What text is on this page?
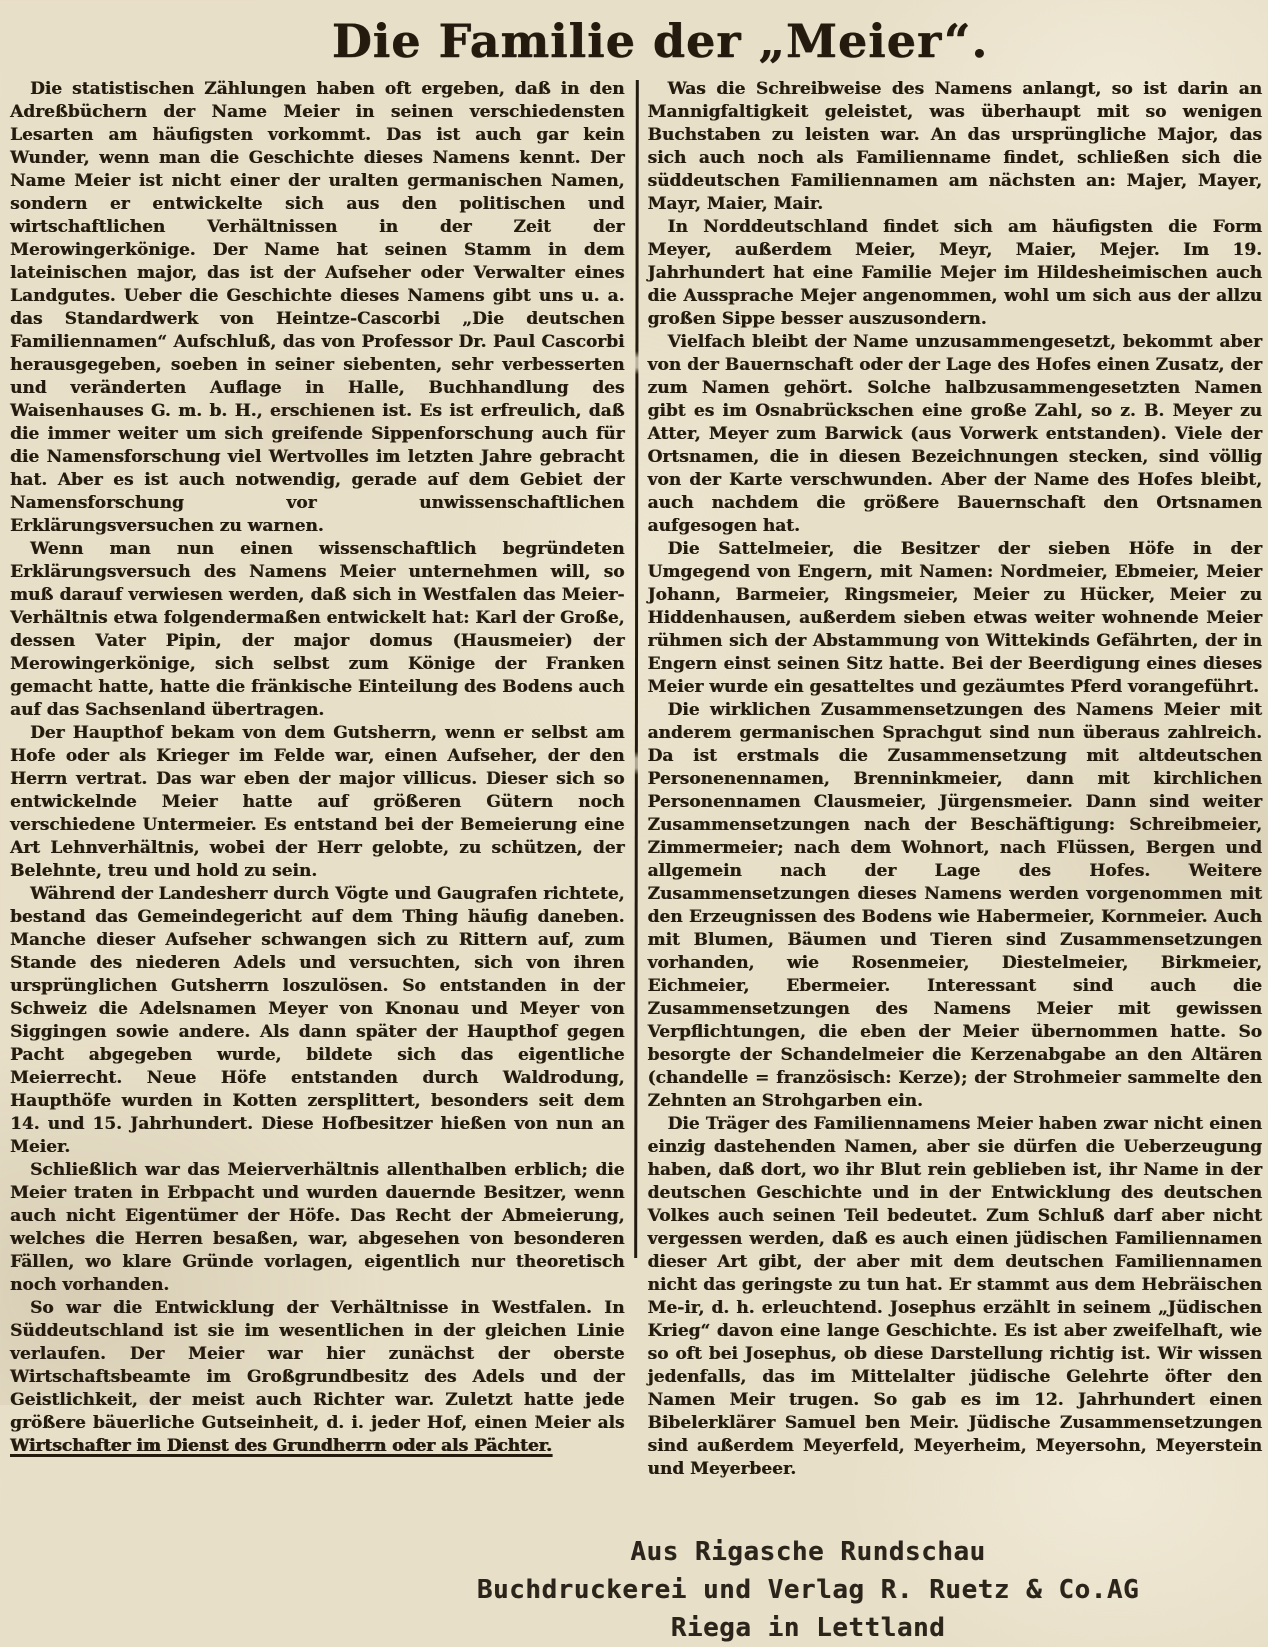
Die Familie der „Meier“.

Die statistischen Zählungen haben oft ergeben, daß in den Adreßbüchern der Name Meier in seinen verschiedensten Lesarten am häufigsten vorkommt. Das ist auch gar kein Wunder, wenn man die Geschichte dieses Namens kennt. Der Name Meier ist nicht einer der uralten germanischen Namen, sondern er entwickelte sich aus den politischen und wirtschaftlichen Verhältnissen in der Zeit der Merowingerkönige. Der Name hat seinen Stamm in dem lateinischen major, das ist der Aufseher oder Verwalter eines Landgutes. Ueber die Geschichte dieses Namens gibt uns u. a. das Standardwerk von Heintze-Cascorbi „Die deutschen Familiennamen“ Aufschluß, das von Professor Dr. Paul Cascorbi herausgegeben, soeben in seiner siebenten, sehr verbesserten und veränderten Auflage in Halle, Buchhandlung des Waisenhauses G. m. b. H., erschienen ist. Es ist erfreulich, daß die immer weiter um sich greifende Sippenforschung auch für die Namensforschung viel Wertvolles im letzten Jahre gebracht hat. Aber es ist auch notwendig, gerade auf dem Gebiet der Namensforschung vor unwissenschaftlichen Erklärungsversuchen zu warnen.

Wenn man nun einen wissenschaftlich begründeten Erklärungsversuch des Namens Meier unternehmen will, so muß darauf verwiesen werden, daß sich in Westfalen das Meier-Verhältnis etwa folgendermaßen entwickelt hat: Karl der Große, dessen Vater Pipin, der major domus (Hausmeier) der Merowingerkönige, sich selbst zum Könige der Franken gemacht hatte, hatte die fränkische Einteilung des Bodens auch auf das Sachsenland übertragen.

Der Haupthof bekam von dem Gutsherrn, wenn er selbst am Hofe oder als Krieger im Felde war, einen Aufseher, der den Herrn vertrat. Das war eben der major villicus. Dieser sich so entwickelnde Meier hatte auf größeren Gütern noch verschiedene Untermeier. Es entstand bei der Bemeierung eine Art Lehnverhältnis, wobei der Herr gelobte, zu schützen, der Belehnte, treu und hold zu sein.

Während der Landesherr durch Vögte und Gaugrafen richtete, bestand das Gemeindegericht auf dem Thing häufig daneben. Manche dieser Aufseher schwangen sich zu Rittern auf, zum Stande des niederen Adels und versuchten, sich von ihren ursprünglichen Gutsherrn loszulösen. So entstanden in der Schweiz die Adelsnamen Meyer von Knonau und Meyer von Siggingen sowie andere. Als dann später der Haupthof gegen Pacht abgegeben wurde, bildete sich das eigentliche Meierrecht. Neue Höfe entstanden durch Waldrodung, Haupthöfe wurden in Kotten zersplittert, besonders seit dem 14. und 15. Jahrhundert. Diese Hofbesitzer hießen von nun an Meier.

Schließlich war das Meierverhältnis allenthalben erblich; die Meier traten in Erbpacht und wurden dauernde Besitzer, wenn auch nicht Eigentümer der Höfe. Das Recht der Abmeierung, welches die Herren besaßen, war, abgesehen von besonderen Fällen, wo klare Gründe vorlagen, eigentlich nur theoretisch noch vorhanden.

So war die Entwicklung der Verhältnisse in Westfalen. In Süddeutschland ist sie im wesentlichen in der gleichen Linie verlaufen. Der Meier war hier zunächst der oberste Wirtschaftsbeamte im Großgrundbesitz des Adels und der Geistlichkeit, der meist auch Richter war. Zuletzt hatte jede größere bäuerliche Gutseinheit, d. i. jeder Hof, einen Meier als Wirtschafter im Dienst des Grundherrn oder als Pächter.

Was die Schreibweise des Namens anlangt, so ist darin an Mannigfaltigkeit geleistet, was überhaupt mit so wenigen Buchstaben zu leisten war. An das ursprüngliche Major, das sich auch noch als Familienname findet, schließen sich die süddeutschen Familiennamen am nächsten an: Majer, Mayer, Mayr, Maier, Mair.

In Norddeutschland findet sich am häufigsten die Form Meyer, außerdem Meier, Meyr, Maier, Mejer. Im 19. Jahrhundert hat eine Familie Mejer im Hildesheimischen auch die Aussprache Mejer angenommen, wohl um sich aus der allzu großen Sippe besser auszusondern.

Vielfach bleibt der Name unzusammengesetzt, bekommt aber von der Bauernschaft oder der Lage des Hofes einen Zusatz, der zum Namen gehört. Solche halbzusammengesetzten Namen gibt es im Osnabrückschen eine große Zahl, so z. B. Meyer zu Atter, Meyer zum Barwick (aus Vorwerk entstanden). Viele der Ortsnamen, die in diesen Bezeichnungen stecken, sind völlig von der Karte verschwunden. Aber der Name des Hofes bleibt, auch nachdem die größere Bauernschaft den Ortsnamen aufgesogen hat.

Die Sattelmeier, die Besitzer der sieben Höfe in der Umgegend von Engern, mit Namen: Nordmeier, Ebmeier, Meier Johann, Barmeier, Ringsmeier, Meier zu Hücker, Meier zu Hiddenhausen, außerdem sieben etwas weiter wohnende Meier rühmen sich der Abstammung von Wittekinds Gefährten, der in Engern einst seinen Sitz hatte. Bei der Beerdigung eines dieses Meier wurde ein gesatteltes und gezäumtes Pferd vorangeführt.

Die wirklichen Zusammensetzungen des Namens Meier mit anderem germanischen Sprachgut sind nun überaus zahlreich. Da ist erstmals die Zusammensetzung mit altdeutschen Personenennamen, Brenninkmeier, dann mit kirchlichen Personennamen Clausmeier, Jürgensmeier. Dann sind weiter Zusammensetzungen nach der Beschäftigung: Schreibmeier, Zimmermeier; nach dem Wohnort, nach Flüssen, Bergen und allgemein nach der Lage des Hofes. Weitere Zusammensetzungen dieses Namens werden vorgenommen mit den Erzeugnissen des Bodens wie Habermeier, Kornmeier. Auch mit Blumen, Bäumen und Tieren sind Zusammensetzungen vorhanden, wie Rosenmeier, Diestelmeier, Birkmeier, Eichmeier, Ebermeier. Interessant sind auch die Zusammensetzungen des Namens Meier mit gewissen Verpflichtungen, die eben der Meier übernommen hatte. So besorgte der Schandelmeier die Kerzenabgabe an den Altären (chandelle = französisch: Kerze); der Strohmeier sammelte den Zehnten an Strohgarben ein.

Die Träger des Familiennamens Meier haben zwar nicht einen einzig dastehenden Namen, aber sie dürfen die Ueberzeugung haben, daß dort, wo ihr Blut rein geblieben ist, ihr Name in der deutschen Geschichte und in der Entwicklung des deutschen Volkes auch seinen Teil bedeutet. Zum Schluß darf aber nicht vergessen werden, daß es auch einen jüdischen Familiennamen dieser Art gibt, der aber mit dem deutschen Familiennamen nicht das geringste zu tun hat. Er stammt aus dem Hebräischen Me-ir, d. h. erleuchtend. Josephus erzählt in seinem „Jüdischen Krieg“ davon eine lange Geschichte. Es ist aber zweifelhaft, wie so oft bei Josephus, ob diese Darstellung richtig ist. Wir wissen jedenfalls, das im Mittelalter jüdische Gelehrte öfter den Namen Meir trugen. So gab es im 12. Jahrhundert einen Bibelerklärer Samuel ben Meir. Jüdische Zusammensetzungen sind außerdem Meyerfeld, Meyerheim, Meyersohn, Meyerstein und Meyerbeer.

Aus Rigasche Rundschau
Buchdruckerei und Verlag R. Ruetz & Co.AG
Riega in Lettland
